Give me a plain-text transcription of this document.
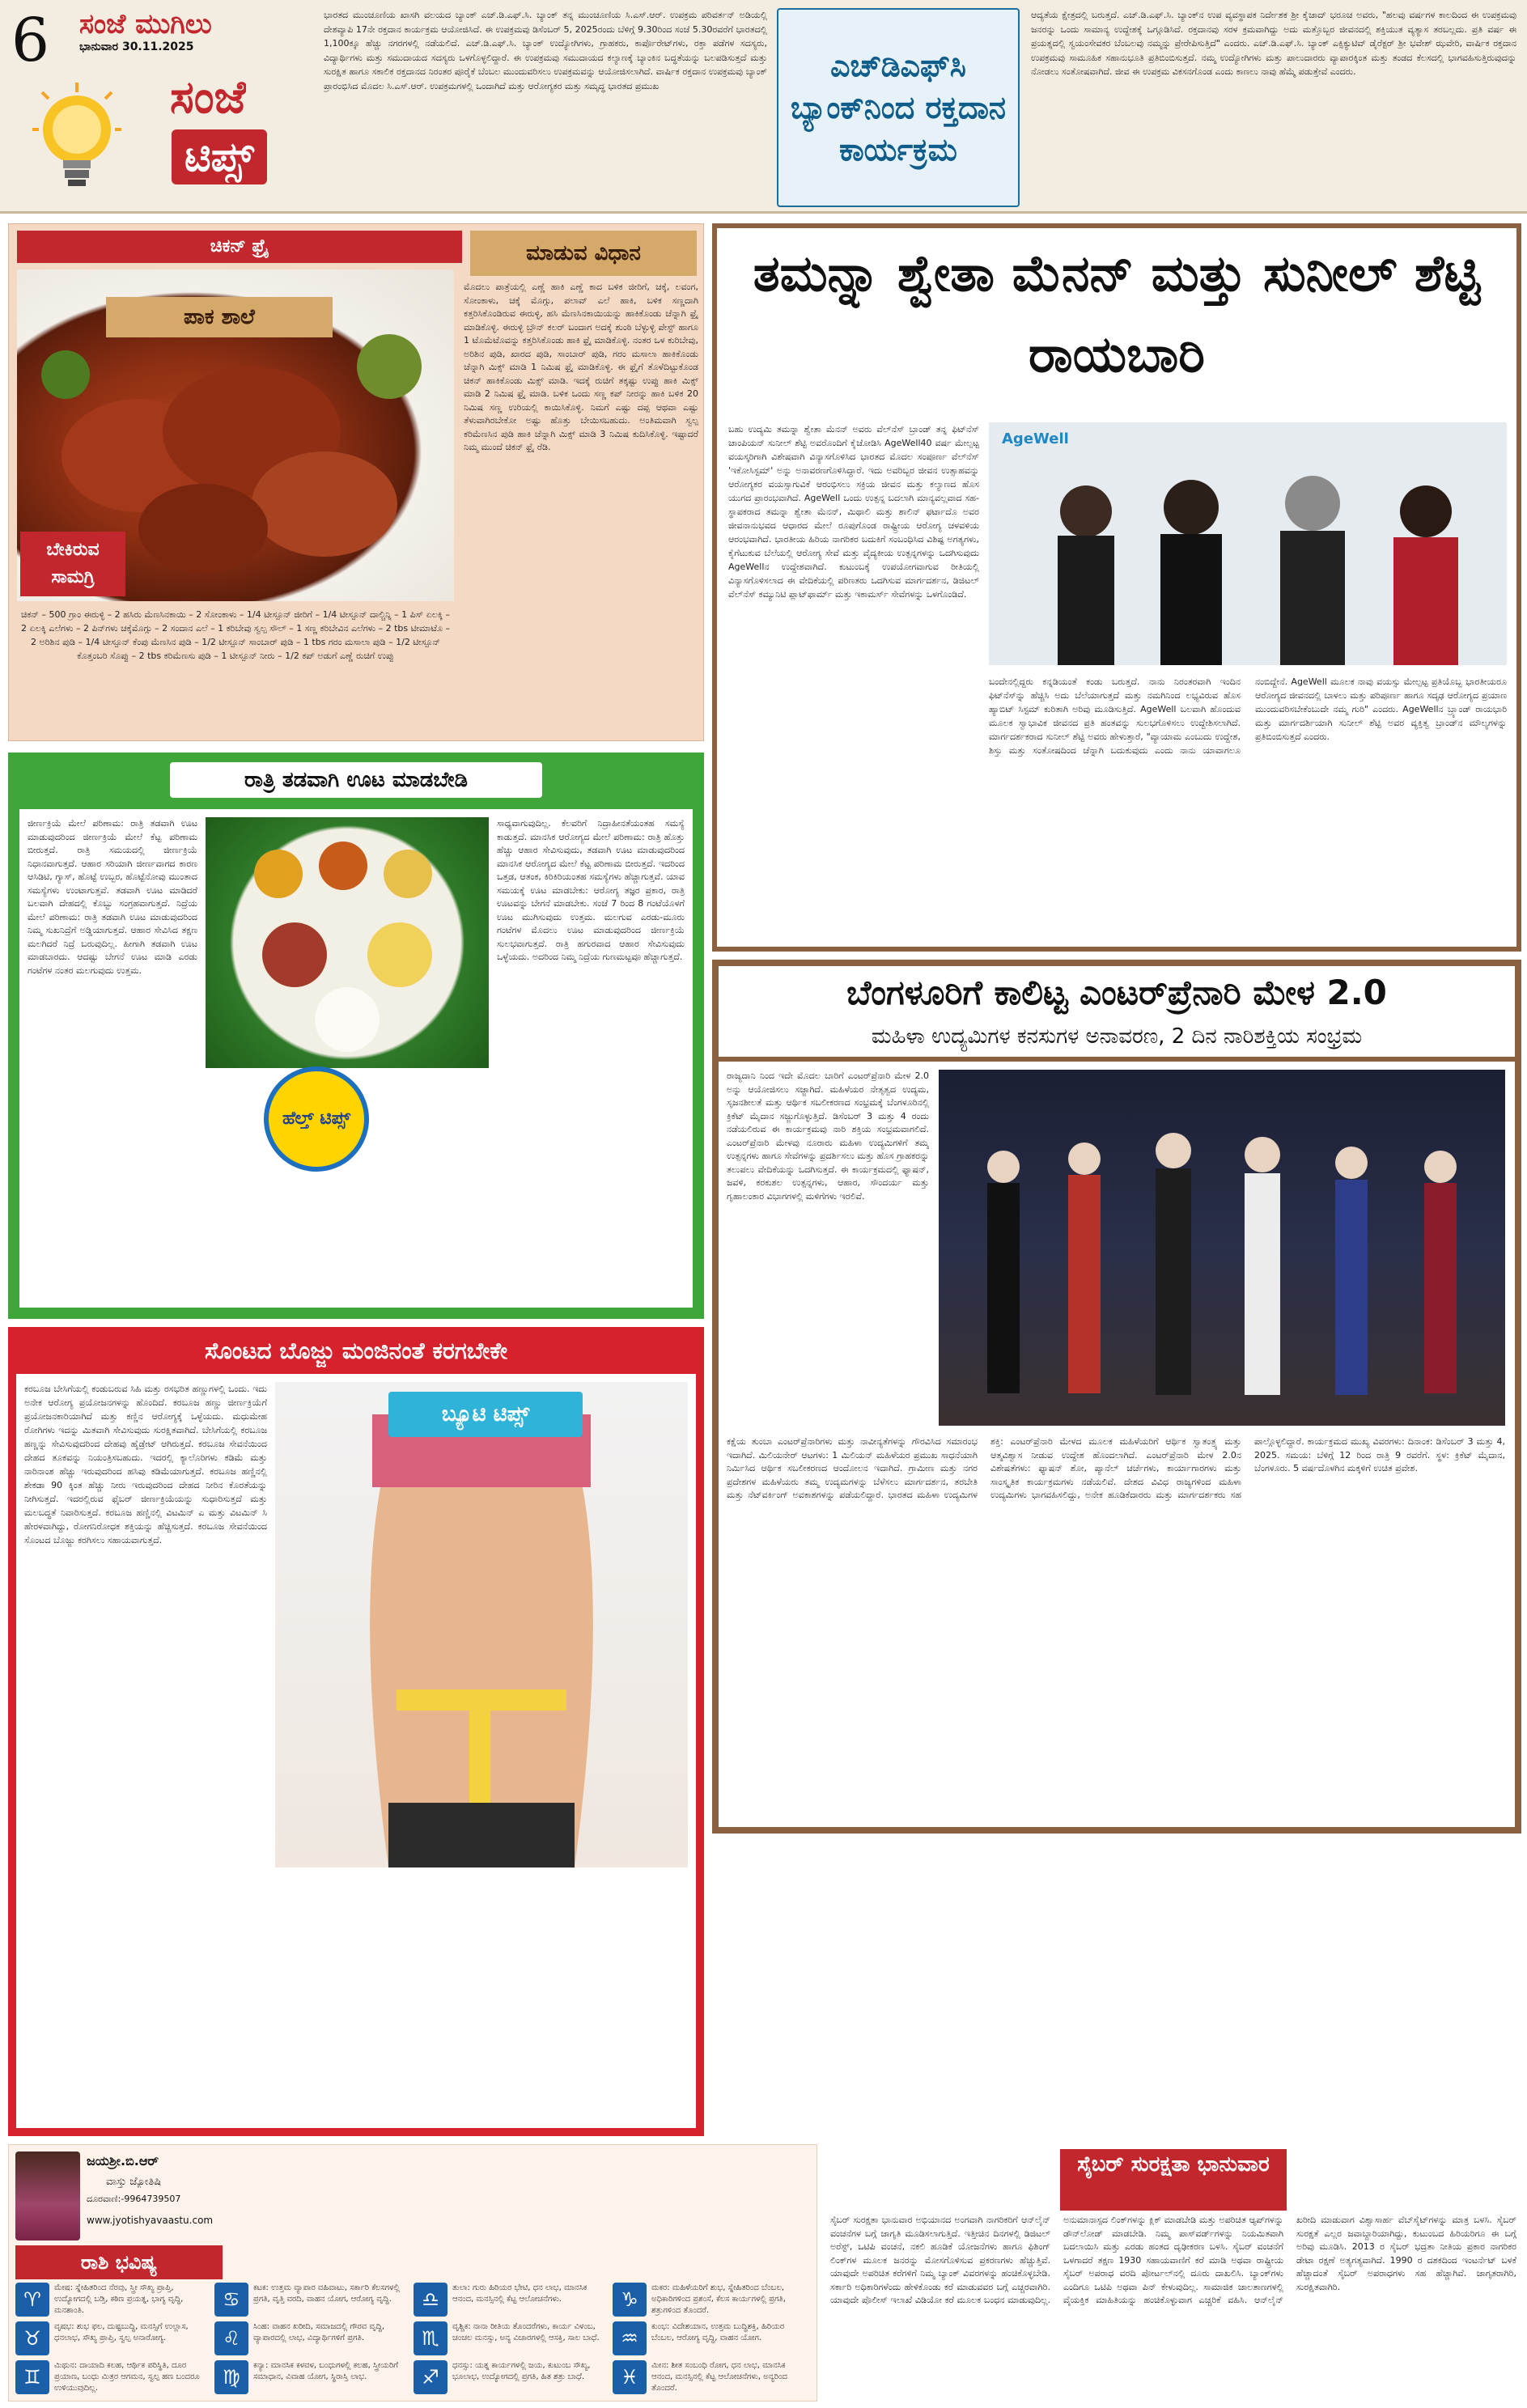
6 ಸಂಜೆ ಮುಗಿಲು
ಭಾನುವಾರ 30.11.2025
ಸಂಜೆ
ಟಿಪ್ಸ್
ಭಾರತದ ಮುಂಚೂಣಿಯ ಖಾಸಗಿ ವಲಯದ ಬ್ಯಾಂಕ್ ಎಚ್.ಡಿ.ಎಫ್.ಸಿ. ಬ್ಯಾಂಕ್ ತನ್ನ ಮುಂಚೂಣಿಯ ಸಿ.ಎಸ್.ಆರ್. ಉಪಕ್ರಮ ಪರಿವರ್ತನ್ ಅಡಿಯಲ್ಲಿ ದೇಶವ್ಯಾಪಿ 17ನೇ ರಕ್ತದಾನ ಕಾರ್ಯಕ್ರಮ ಆಯೋಜಿಸಿದೆ. ಈ ಉಪಕ್ರಮವು ಡಿಸೆಂಬರ್ 5, 2025ರಂದು ಬೆಳಿಗ್ಗೆ 9.30ರಿಂದ ಸಂಜೆ 5.30ರವರೆಗೆ ಭಾರತದಲ್ಲಿ 1,100ಕ್ಕೂ ಹೆಚ್ಚು ನಗರಗಳಲ್ಲಿ ನಡೆಯಲಿದೆ. ಎಚ್.ಡಿ.ಎಫ್.ಸಿ. ಬ್ಯಾಂಕ್ ಉದ್ಯೋಗಿಗಳು, ಗ್ರಾಹಕರು, ಕಾರ್ಪೊರೇಟ್‌ಗಳು, ರಕ್ತಾ ಪಡೆಗಳ ಸದಸ್ಯರು, ವಿದ್ಯಾರ್ಥಿಗಳು ಮತ್ತು ಸಮುದಾಯದ ಸದಸ್ಯರು ಒಳಗೊಳ್ಳಲಿದ್ದಾರೆ. ಈ ಉಪಕ್ರಮವು ಸಮುದಾಯದ ಕಲ್ಯಾಣಕ್ಕೆ ಬ್ಯಾಂಕಿನ ಬದ್ಧತೆಯನ್ನು ಬಲಪಡಿಸುತ್ತದೆ ಮತ್ತು ಸುರಕ್ಷಿತ ಹಾಗೂ ಸಕಾಲಿಕ ರಕ್ತದಾನದ ನಿರಂತರ ಪೂರೈಕೆ ಬೆಂಬಲ ಮುಂದುವರಿಸಲು ಉಪಕ್ರಮವನ್ನು ಆಯೋಜಿಸಲಾಗಿದೆ. ವಾರ್ಷಿಕ ರಕ್ತದಾನ ಉಪಕ್ರಮವು ಬ್ಯಾಂಕ್ ಪ್ರಾರಂಭಿಸಿದ ಮೊದಲ ಸಿ.ಎಸ್.ಆರ್. ಉಪಕ್ರಮಗಳಲ್ಲಿ ಒಂದಾಗಿದೆ ಮತ್ತು ಆರೋಗ್ಯಕರ ಮತ್ತು ಸಮೃದ್ಧ ಭಾರತದ ಪ್ರಮುಖ
ಎಚ್‌ಡಿಎಫ್‌ಸಿ ಬ್ಯಾಂಕ್‌ನಿಂದ ರಕ್ತದಾನ ಕಾರ್ಯಕ್ರಮ
ಆದ್ಯತೆಯ ಕ್ಷೇತ್ರದಲ್ಲಿ ಬರುತ್ತದೆ. ಎಚ್.ಡಿ.ಎಫ್.ಸಿ. ಬ್ಯಾಂಕ್‌ನ ಉಪ ವ್ಯವಸ್ಥಾಪಕ ನಿರ್ದೇಶಕ ಶ್ರೀ ಕೈಜಾದ್ ಭರೂಚ ಅವರು, "ಹಲವು ವರ್ಷಗಳ ಕಾಲದಿಂದ ಈ ಉಪಕ್ರಮವು ಜನರನ್ನು ಒಂದು ಸಾಮಾನ್ಯ ಉದ್ದೇಶಕ್ಕೆ ಒಗ್ಗೂಡಿಸಿದೆ. ರಕ್ತದಾನವು ಸರಳ ಕ್ರಮವಾಗಿದ್ದು ಅದು ಮತ್ತೊಬ್ಬರ ಜೀವನದಲ್ಲಿ ಶಕ್ತಿಯುತ ವ್ಯತ್ಯಾಸ ತರಬಲ್ಲದು. ಪ್ರತಿ ವರ್ಷ ಈ ಪ್ರಯತ್ನದಲ್ಲಿ ಸ್ವಯಂಸೇವಕರ ಬೆಂಬಲವು ನಮ್ಮನ್ನು ಪ್ರೇರೇಪಿಸುತ್ತಿದೆ" ಎಂದರು. ಎಚ್.ಡಿ.ಎಫ್.ಸಿ. ಬ್ಯಾಂಕ್ ಎಕ್ಸಿಕ್ಯುಟಿವ್ ಡೈರೆಕ್ಟರ್ ಶ್ರೀ ಭವೇಶ್ ಝವೇರಿ, ವಾರ್ಷಿಕ ರಕ್ತದಾನ ಉಪಕ್ರಮವು ಸಾಮೂಹಿಕ ಸಹಾನುಭೂತಿ ಪ್ರತಿಬಿಂಬಿಸುತ್ತದೆ. ನಮ್ಮ ಉದ್ಯೋಗಿಗಳು ಮತ್ತು ಪಾಲುದಾರರು ವ್ಯಾಪಾರಕ್ಕಿಂತ ಮತ್ತು ತಂಡದ ಕೆಲಸದಲ್ಲಿ ಭಾಗವಹಿಸುತ್ತಿರುವುದನ್ನು ನೋಡಲು ಸಂತೋಷವಾಗಿದೆ. ಜೀವ ಈ ಉಪಕ್ರಮ ವಿಕಸನಗೊಂಡ ಎಂದು ಕಾಣಲು ನಾವು ಹೆಮ್ಮೆ ಪಡುತ್ತೇವೆ ಎಂದರು.
ಚಿಕನ್ ಫ್ರೈ	ಮಾಡುವ ವಿಧಾನ
ಪಾಕ ಶಾಲೆ
ಬೇಕಿರುವ ಸಾಮಗ್ರಿ
ಚಿಕನ್ – 500 ಗ್ರಾಂ ಈರುಳ್ಳಿ – 2 ಹಸಿರು ಮೆಣಸಿನಕಾಯಿ – 2 ಸೋಂಕಾಳು – 1/4 ಟೀಸ್ಪೂನ್ ಜೀರಿಗೆ – 1/4 ಟೀಸ್ಪೂನ್ ದಾಲ್ಚಿನ್ನಿ – 1 ಪಿಸ್ ಏಲಕ್ಕಿ – 2 ಏಲಕ್ಕಿ ಎಲೆಗಳು – 2 ಪಿನ್‌ಗಳು ಚಕ್ಕೆಮೊಗ್ಗು – 2 ಸಂದಾನ ಎಲೆ – 1 ಕರಿಬೇವು ಸ್ವಲ್ಪ ಸೌಲ್ – 1 ಸಣ್ಣ ಕರಿಬೇವಿನ ಎಲೆಗಳು – 2 tbs ಟೀಮಾಟೊ – 2 ಅರಿಶಿನ ಪುಡಿ – 1/4 ಟೀಸ್ಪೂನ್ ಕೆಂಪು ಮೆಣಸಿನ ಪುಡಿ – 1/2 ಟೀಸ್ಪೂನ್ ಸಾಂಬಾರ್ ಪುಡಿ – 1 tbs ಗರಂ ಮಸಾಲಾ ಪುಡಿ – 1/2 ಟೀಸ್ಪೂನ್ ಕೊತ್ತಂಬರಿ ಸೊಪ್ಪು – 2 tbs ಕರಿಮೆಣಸು ಪುಡಿ – 1 ಟೀಸ್ಪೂನ್ ನೀರು – 1/2 ಕಪ್ ಅಡುಗೆ ಎಣ್ಣೆ ರುಚಿಗೆ ಉಪ್ಪು
ಮೊದಲು ಪಾತ್ರೆಯಲ್ಲಿ ಎಣ್ಣೆ ಹಾಕಿ ಎಣ್ಣೆ ಕಾದ ಬಳಿಕ ಜೀರಿಗೆ, ಚಕ್ಕೆ, ಲವಂಗ, ಸೋಂಕಾಳು, ಚಕ್ಕೆ ಮೊಗ್ಗು, ಪಲಾವ್ ಎಲೆ ಹಾಕಿ, ಬಳಿಕ ಸಣ್ಣದಾಗಿ ಕತ್ತರಿಸಿಕೊಂಡಿರುವ ಈರುಳ್ಳಿ, ಹಸಿ ಮೆಣಸಿನಕಾಯಿಯನ್ನು ಹಾಕಿಕೊಂಡು ಚೆನ್ನಾಗಿ ಫ್ರೈ ಮಾಡಿಕೊಳ್ಳಿ. ಈರುಳ್ಳಿ ಬ್ರೌನ್ ಕಲರ್ ಬಂದಾಗ ಅದಕ್ಕೆ ಶುಂಠಿ ಬೆಳ್ಳುಳ್ಳಿ ಪೇಸ್ಟ್ ಹಾಗೂ 1 ಟೊಮೆಟೊವನ್ನು ಕತ್ತರಿಸಿಕೊಂಡು ಹಾಕಿ ಫ್ರೈ ಮಾಡಿಕೊಳ್ಳಿ. ನಂತರ ಒಳ ಕುರಿಬೇವು, ಅರಿಶಿನ ಪುಡಿ, ಖಾರದ ಪುಡಿ, ಸಾಂಬಾರ್ ಪುಡಿ, ಗರಂ ಮಸಾಲಾ ಹಾಕಿಕೊಂಡು ಚೆನ್ನಾಗಿ ಮಿಕ್ಸ್ ಮಾಡಿ 1 ನಿಮಿಷ ಫ್ರೈ ಮಾಡಿಕೊಳ್ಳಿ. ಈ ಫ್ರೈಗೆ ತೊಳೆದಿಟ್ಟುಕೊಂಡ ಚಿಕನ್ ಹಾಕಿಕೊಂಡು ಮಿಕ್ಸ್ ಮಾಡಿ. ಇದಕ್ಕೆ ರುಚಿಗೆ ತಕ್ಕಷ್ಟು ಉಪ್ಪು ಹಾಕಿ ಮಿಕ್ಸ್ ಮಾಡಿ 2 ನಿಮಿಷ ಫ್ರೈ ಮಾಡಿ. ಬಳಿಕ ಒಂದು ಸಣ್ಣ ಕಪ್ ನೀರನ್ನು ಹಾಕಿ ಬಳಿಕ 20 ನಿಮಿಷ ಸಣ್ಣ ಉರಿಯಲ್ಲಿ ಕಾಯಿಸಿಕೊಳ್ಳಿ. ನಿಮಗೆ ಎಷ್ಟು ದಪ್ಪ ಆಥವಾ ಎಷ್ಟು ತೆಳುವಾಗಿರಬೇಕೋ ಅಷ್ಟು ಹೊತ್ತು ಬೇಯಿಸಬಹುದು. ಅಂತಿಮವಾಗಿ ಸ್ವಲ್ಪ ಕರಿಮೆಣಸಿನ ಪುಡಿ ಹಾಕಿ ಚೆನ್ನಾಗಿ ಮಿಕ್ಸ್ ಮಾಡಿ 3 ನಿಮಿಷ ಕುದಿಸಿಕೊಳ್ಳಿ. ಇಷ್ಟಾದರೆ ನಿಮ್ಮ ಮುಂದೆ ಚಿಕನ್ ಫ್ರೈ ರೆಡಿ.
ತಮನ್ನಾ ಶ್ವೇತಾ ಮೆನನ್ ಮತ್ತು ಸುನೀಲ್ ಶೆಟ್ಟಿ ರಾಯಬಾರಿ
ಬಹು ಉದ್ಯಮಿ ತಮನ್ನಾ ಶ್ವೇತಾ ಮೆನನ್ ಅವರು ವೆಲ್‌ನೆಸ್ ಬ್ರಾಂಡ್ ತನ್ನ ಫಿಟ್‌ನೆಸ್ ಚಾಂಪಿಯನ್ ಸುನೀಲ್ ಶೆಟ್ಟಿ ಅವರೊಂದಿಗೆ ಕೈಜೋಡಿಸಿ AgeWell40 ವರ್ಷ ಮೇಲ್ಪಟ್ಟ ವಯಸ್ಕರಿಗಾಗಿ ವಿಶೇಷವಾಗಿ ವಿನ್ಯಾಸಗೊಳಿಸಿದ ಭಾರತದ ಮೊದಲ ಸಂಪೂರ್ಣ ವೆಲ್‌ನೆಸ್ 'ಇಕೋಸಿಸ್ಟಮ್' ಅನ್ನು ಅನಾವರಣಗೊಳಿಸಿದ್ದಾರೆ. ಇದು ಅವರಿಬ್ಬರ ಜೀವನ ಉತ್ಸಾಹವನ್ನು ಆರೋಗ್ಯಕರ ವಯಸ್ಸಾಗುವಿಕೆ ಆರಂಭಿಸಲು ಸಕ್ರಿಯ ಜೀವನ ಮತ್ತು ಕಲ್ಯಾಣದ ಹೊಸ ಯುಗದ ಪ್ರಾರಂಭವಾಗಿದೆ. AgeWell ಒಂದು ಉತ್ಪನ್ನ ಬದಲಾಗಿ ಮಾನ್ಯವಲ್ಲವಾದ ಸಹ-ಸ್ಥಾಪಕರಾದ ತಮನ್ನಾ ಶ್ವೇತಾ ಮೆನನ್, ಮಿಥಾಲಿ ಮತ್ತು ಶಾಲಿನ್ ಫರ್ಟಾದೊ ಅವರ ಜೀವನಾನುಭವದ ಆಧಾರದ ಮೇಲೆ ರೂಪುಗೊಂಡ ರಾಷ್ಟ್ರೀಯ ಆರೋಗ್ಯ ಚಳವಳಿಯ ಆರಂಭವಾಗಿದೆ. ಭಾರತೀಯ ಹಿರಿಯ ನಾಗರಿಕರ ಬದುಕಿಗೆ ಸಂಬಂಧಿಸಿದ ವಿಶಿಷ್ಟ ಅಗತ್ಯಗಳು, ಕೈಗೆಟುಕುವ ಬೆಲೆಯಲ್ಲಿ ಆರೋಗ್ಯ ಸೇವೆ ಮತ್ತು ವೈದ್ಯಕೀಯ ಉತ್ಪನ್ನಗಳನ್ನು ಒದಗಿಸುವುದು AgeWellನ ಉದ್ದೇಶವಾಗಿದೆ. ಕುಟುಂಬಕ್ಕೆ ಉಪಯೋಗವಾಗುವ ರೀತಿಯಲ್ಲಿ ವಿನ್ಯಾಸಗೊಳಿಸಲಾದ ಈ ವೇದಿಕೆಯಲ್ಲಿ ಪರಿಣತರು ಒದಗಿಸುವ ಮಾರ್ಗದರ್ಶನ, ಡಿಜಿಟಲ್ ವೆಲ್‌ನೆಸ್ ಕಮ್ಯುನಿಟಿ ಪ್ಲಾಟ್‌ಫಾರ್ಮ್ ಮತ್ತು ಇಕಾಮರ್ಸ್ ಸೇವೆಗಳನ್ನು ಒಳಗೊಂಡಿದೆ.
AgeWell
ಬಂದೇನಲ್ಲಿದ್ದರು ಕನ್ನಡಿಯಂತೆ ಕಂಡು ಬರುತ್ತದೆ. ನಾನು ನಿರಂತರವಾಗಿ ಇಂದಿನ ಫಿಟ್‌ನೆಸ್‌ನ್ನು ಹೆಚ್ಚಿಸಿ ಅದು ಬೆಲೆಯಾಗುತ್ತದೆ ಮತ್ತು ನಮಗಿನಿಂದ ಲಭ್ಯವಿರುವ ಹೊಸ ಹ್ಯಾಬಿಟ್ ಸಿಸ್ಟಮ್ ಕುರಿತಾಗಿ ಅರಿವು ಮೂಡಿಸುತ್ತಿದೆ. AgeWell ಬಲವಾಗಿ ಹೊಂದುವ ಮೂಲಕ ಸ್ವಾಭಾವಿಕ ಜೀವನದ ಪ್ರತಿ ಹಂತವನ್ನು ಸುಲಭಗೊಳಿಸಲು ಉದ್ದೇಶಿಸಲಾಗಿದೆ. ಮಾರ್ಗದರ್ಶಕರಾದ ಸುನೀಲ್ ಶೆಟ್ಟಿ ಅವರು ಹೇಳುತ್ತಾರೆ, "ವ್ಯಾಯಾಮ ಎಂಬುದು ಉದ್ದೇಶ, ಶಿಸ್ತು ಮತ್ತು ಸಂತೋಷದಿಂದ ಚೆನ್ನಾಗಿ ಬದುಕುವುದು ಎಂದು ನಾನು ಯಾವಾಗಲೂ ನಂಬಿದ್ದೇನೆ. AgeWell ಮೂಲಕ ನಾವು ವಯಸ್ಸು ಮೇಲ್ಪಟ್ಟ ಪ್ರತಿಯೊಬ್ಬ ಭಾರತೀಯರೂ ಆರೋಗ್ಯದ ಜೀವನದಲ್ಲಿ ಬಾಳಲು ಮತ್ತು ಪರಿಪೂರ್ಣ ಹಾಗೂ ಸದೃಢ ಆರೋಗ್ಯದ ಪ್ರಯಾಣ ಮುಂದುವರಿಸಬೇಕೆಂಬುದೇ ನಮ್ಮ ಗುರಿ" ಎಂದರು. AgeWellನ ಬ್ರ್ಯಾಂಡ್ ರಾಯಭಾರಿ ಮತ್ತು ಮಾರ್ಗದರ್ಶಿಯಾಗಿ ಸುನೀಲ್ ಶೆಟ್ಟಿ ಅವರ ವ್ಯಕ್ತಿತ್ವ ಬ್ರಾಂಡ್‌ನ ಮೌಲ್ಯಗಳನ್ನು ಪ್ರತಿಬಿಂಬಿಸುತ್ತದೆ ಎಂದರು.
ರಾತ್ರಿ ತಡವಾಗಿ ಊಟ ಮಾಡಬೇಡಿ
ಜೀರ್ಣಕ್ರಿಯೆ ಮೇಲೆ ಪರಿಣಾಮ: ರಾತ್ರಿ ತಡವಾಗಿ ಊಟ ಮಾಡುವುದರಿಂದ ಜೀರ್ಣಕ್ರಿಯೆ ಮೇಲೆ ಕೆಟ್ಟ ಪರಿಣಾಮ ಬೀರುತ್ತದೆ. ರಾತ್ರಿ ಸಮಯದಲ್ಲಿ ಜೀರ್ಣಕ್ರಿಯೆ ನಿಧಾನವಾಗುತ್ತದೆ. ಆಹಾರ ಸರಿಯಾಗಿ ಜೀರ್ಣವಾಗದ ಕಾರಣ ಆಸಿಡಿಟಿ, ಗ್ಯಾಸ್, ಹೊಟ್ಟೆ ಉಬ್ಬರ, ಹೊಟ್ಟೆನೋವು ಮುಂತಾದ ಸಮಸ್ಯೆಗಳು ಉಂಟಾಗುತ್ತವೆ. ತಡವಾಗಿ ಊಟ ಮಾಡಿದರೆ ಬಲವಾಗಿ ದೇಹದಲ್ಲಿ ಕೊಬ್ಬು ಸಂಗ್ರಹವಾಗುತ್ತದೆ. ನಿದ್ರೆಯ ಮೇಲೆ ಪರಿಣಾಮ: ರಾತ್ರಿ ತಡವಾಗಿ ಊಟ ಮಾಡುವುದರಿಂದ ನಿಮ್ಮ ಸುಖನಿದ್ರೆಗೆ ಅಡ್ಡಿಯಾಗುತ್ತದೆ. ಆಹಾರ ಸೇವಿಸಿದ ತಕ್ಷಣ ಮಲಗಿದರೆ ನಿದ್ರೆ ಬರುವುದಿಲ್ಲ. ಹೀಗಾಗಿ ತಡವಾಗಿ ಊಟ ಮಾಡಬಾರದು. ಆದಷ್ಟು ಬೇಗನೆ ಊಟ ಮಾಡಿ ಎರಡು ಗಂಟೆಗಳ ನಂತರ ಮಲಗುವುದು ಉತ್ತಮ.
ಹೆಲ್ತ್ ಟಿಪ್ಸ್
ಸಾಧ್ಯವಾಗುವುದಿಲ್ಲ. ಕೆಲವರಿಗೆ ನಿದ್ರಾಹೀನತೆಯಂತಹ ಸಮಸ್ಯೆ ಕಾಡುತ್ತದೆ. ಮಾನಸಿಕ ಆರೋಗ್ಯದ ಮೇಲೆ ಪರಿಣಾಮ: ರಾತ್ರಿ ಹೊತ್ತು ಹೆಚ್ಚು ಆಹಾರ ಸೇವಿಸುವುದು, ತಡವಾಗಿ ಊಟ ಮಾಡುವುದರಿಂದ ಮಾನಸಿಕ ಆರೋಗ್ಯದ ಮೇಲೆ ಕೆಟ್ಟ ಪರಿಣಾಮ ಬೀರುತ್ತದೆ. ಇದರಿಂದ ಒತ್ತಡ, ಆತಂಕ, ಕಿರಿಕಿರಿಯಂತಹ ಸಮಸ್ಯೆಗಳು ಹೆಚ್ಚಾಗುತ್ತವೆ. ಯಾವ ಸಮಯಕ್ಕೆ ಊಟ ಮಾಡಬೇಕು: ಆರೋಗ್ಯ ತಜ್ಞರ ಪ್ರಕಾರ, ರಾತ್ರಿ ಊಟವನ್ನು ಬೇಗನೆ ಮಾಡಬೇಕು. ಸಂಜೆ 7 ರಿಂದ 8 ಗಂಟೆಯೊಳಗೆ ಊಟ ಮುಗಿಸುವುದು ಉತ್ತಮ. ಮಲಗುವ ಎರಡು-ಮೂರು ಗಂಟೆಗಳ ಮೊದಲು ಊಟ ಮಾಡುವುದರಿಂದ ಜೀರ್ಣಕ್ರಿಯೆ ಸುಲಭವಾಗುತ್ತದೆ. ರಾತ್ರಿ ಹಗುರವಾದ ಆಹಾರ ಸೇವಿಸುವುದು ಒಳ್ಳೆಯದು. ಅದರಿಂದ ನಿಮ್ಮ ನಿದ್ರೆಯ ಗುಣಮಟ್ಟವೂ ಹೆಚ್ಚಾಗುತ್ತದೆ.
ಬೆಂಗಳೂರಿಗೆ ಕಾಲಿಟ್ಟ ಎಂಟರ್‌ಪ್ರೆನಾರಿ ಮೇಳ 2.0
ಮಹಿಳಾ ಉದ್ಯಮಿಗಳ ಕನಸುಗಳ ಅನಾವರಣ, 2 ದಿನ ನಾರಿಶಕ್ತಿಯ ಸಂಭ್ರಮ
ರಾಜ್ಯದಾನಿ ನಿಂದ ಇದೇ ಮೊದಲ ಬಾರಿಗೆ ಎಂಟರ್‌ಪ್ರೆನಾರಿ ಮೇಳ 2.0 ಅನ್ನು ಆಯೋಜಿಸಲು ಸಜ್ಜಾಗಿದೆ. ಮಹಿಳೆಯರ ನೇತೃತ್ವದ ಉದ್ಯಮ, ಸೃಜನಶೀಲತೆ ಮತ್ತು ಆರ್ಥಿಕ ಸಬಲೀಕರಣದ ಸಂಭ್ರಮಕ್ಕೆ ಬೆಂಗಳೂರಿನಲ್ಲಿ ಕ್ರಿಕೆಟ್ ಮೈದಾನ ಸಜ್ಜುಗೊಳ್ಳುತ್ತಿದೆ. ಡಿಸೆಂಬರ್ 3 ಮತ್ತು 4 ರಂದು ನಡೆಯಲಿರುವ ಈ ಕಾರ್ಯಕ್ರಮವು ನಾರಿ ಶಕ್ತಿಯ ಸಂಭ್ರಮವಾಗಲಿದೆ. ಎಂಟರ್‌ಪ್ರೆನಾರಿ ಮೇಳವು ನೂರಾರು ಮಹಿಳಾ ಉದ್ಯಮಿಗಳಿಗೆ ತಮ್ಮ ಉತ್ಪನ್ನಗಳು ಹಾಗೂ ಸೇವೆಗಳನ್ನು ಪ್ರದರ್ಶಿಸಲು ಮತ್ತು ಹೊಸ ಗ್ರಾಹಕರನ್ನು ತಲುಪಲು ವೇದಿಕೆಯನ್ನು ಒದಗಿಸುತ್ತದೆ. ಈ ಕಾರ್ಯಕ್ರಮದಲ್ಲಿ ಫ್ಯಾಷನ್, ಜವಳಿ, ಕರಕುಶಲ ಉತ್ಪನ್ನಗಳು, ಆಹಾರ, ಸೌಂದರ್ಯ ಮತ್ತು ಗೃಹಾಲಂಕಾರ ವಿಭಾಗಗಳಲ್ಲಿ ಮಳಿಗೆಗಳು ಇರಲಿವೆ.
ಕಕ್ಷೆಯ ತುಂಬಾ ಎಂಟರ್‌ಪ್ರೆನಾರಿಗಳು ಮತ್ತು ನಾವೀನ್ಯತೆಗಳನ್ನು ಗೌರವಿಸಿದ ಸಮಾರಂಭ ಇದಾಗಿದೆ. ಮಿಲಿಯನೇರ್ ಆಟಗಳು: 1 ಮಿಲಿಯನ್ ಮಹಿಳೆಯರ ಪ್ರಮುಖ ಸಾಧನೆಯಾಗಿ ನಿರ್ಮಿಸಿದ ಆರ್ಥಿಕ ಸಬಲೀಕರಣದ ಆಂದೋಲನ ಇದಾಗಿದೆ. ಗ್ರಾಮೀಣ ಮತ್ತು ನಗರ ಪ್ರದೇಶಗಳ ಮಹಿಳೆಯರು ತಮ್ಮ ಉದ್ಯಮಗಳನ್ನು ಬೆಳೆಸಲು ಮಾರ್ಗದರ್ಶನ, ತರಬೇತಿ ಮತ್ತು ನೆಟ್‌ವರ್ಕಿಂಗ್ ಅವಕಾಶಗಳನ್ನು ಪಡೆಯಲಿದ್ದಾರೆ. ಭಾರತದ ಮಹಿಳಾ ಉದ್ಯಮಿಗಳ ಶಕ್ತಿ: ಎಂಟರ್‌ಪ್ರೆನಾರಿ ಮೇಳದ ಮೂಲಕ ಮಹಿಳೆಯರಿಗೆ ಆರ್ಥಿಕ ಸ್ವಾತಂತ್ರ್ಯ ಮತ್ತು ಆತ್ಮವಿಶ್ವಾಸ ನೀಡುವ ಉದ್ದೇಶ ಹೊಂದಲಾಗಿದೆ. ಎಂಟರ್‌ಪ್ರೆನಾರಿ ಮೇಳ 2.0ನ ವಿಶೇಷತೆಗಳು: ಫ್ಯಾಷನ್ ಶೋ, ಪ್ಯಾನೆಲ್ ಚರ್ಚೆಗಳು, ಕಾರ್ಯಾಗಾರಗಳು ಮತ್ತು ಸಾಂಸ್ಕೃತಿಕ ಕಾರ್ಯಕ್ರಮಗಳು ನಡೆಯಲಿವೆ. ದೇಶದ ವಿವಿಧ ರಾಜ್ಯಗಳಿಂದ ಮಹಿಳಾ ಉದ್ಯಮಿಗಳು ಭಾಗವಹಿಸಲಿದ್ದು, ಅನೇಕ ಹೂಡಿಕೆದಾರರು ಮತ್ತು ಮಾರ್ಗದರ್ಶಕರು ಸಹ ಪಾಲ್ಗೊಳ್ಳಲಿದ್ದಾರೆ. ಕಾರ್ಯಕ್ರಮದ ಮುಖ್ಯ ವಿವರಗಳು: ದಿನಾಂಕ: ಡಿಸೆಂಬರ್ 3 ಮತ್ತು 4, 2025. ಸಮಯ: ಬೆಳಿಗ್ಗೆ 12 ರಿಂದ ರಾತ್ರಿ 9 ರವರೆಗೆ. ಸ್ಥಳ: ಕ್ರಿಕೆಟ್ ಮೈದಾನ, ಬೆಂಗಳೂರು. 5 ವರ್ಷದೊಳಗಿನ ಮಕ್ಕಳಿಗೆ ಉಚಿತ ಪ್ರವೇಶ.
ಸೊಂಟದ ಬೊಜ್ಜು ಮಂಜಿನಂತೆ ಕರಗಬೇಕೇ
ಕರಬೂಜ ಬೇಸಿಗೆಯಲ್ಲಿ ಕಂಡುಬರುವ ಸಿಹಿ ಮತ್ತು ರಸಭರಿತ ಹಣ್ಣುಗಳಲ್ಲಿ ಒಂದು. ಇದು ಅನೇಕ ಆರೋಗ್ಯ ಪ್ರಯೋಜನಗಳನ್ನು ಹೊಂದಿದೆ. ಕರಬೂಜ ಹಣ್ಣು ಜೀರ್ಣಕ್ರಿಯೆಗೆ ಪ್ರಯೋಜನಕಾರಿಯಾಗಿದೆ ಮತ್ತು ಕಣ್ಣಿನ ಆರೋಗ್ಯಕ್ಕೆ ಒಳ್ಳೆಯದು. ಮಧುಮೇಹ ರೋಗಿಗಳು ಇದನ್ನು ಮಿತವಾಗಿ ಸೇವಿಸುವುದು ಸುರಕ್ಷಿತವಾಗಿದೆ. ಬೇಸಿಗೆಯಲ್ಲಿ ಕರಬೂಜ ಹಣ್ಣನ್ನು ಸೇವಿಸುವುದರಿಂದ ದೇಹವು ಹೈಡ್ರೇಟ್ ಆಗಿರುತ್ತದೆ. ಕರಬೂಜ ಸೇವನೆಯಿಂದ ದೇಹದ ತೂಕವನ್ನು ನಿಯಂತ್ರಿಸಬಹುದು. ಇದರಲ್ಲಿ ಕ್ಯಾಲೊರಿಗಳು ಕಡಿಮೆ ಮತ್ತು ನಾರಿನಾಂಶ ಹೆಚ್ಚು ಇರುವುದರಿಂದ ಹಸಿವು ಕಡಿಮೆಯಾಗುತ್ತದೆ. ಕರಬೂಜ ಹಣ್ಣಿನಲ್ಲಿ ಶೇಕಡಾ 90 ಕ್ಕಿಂತ ಹೆಚ್ಚು ನೀರು ಇರುವುದರಿಂದ ದೇಹದ ನೀರಿನ ಕೊರತೆಯನ್ನು ನೀಗಿಸುತ್ತದೆ. ಇದರಲ್ಲಿರುವ ಫೈಬರ್ ಜೀರ್ಣಕ್ರಿಯೆಯನ್ನು ಸುಧಾರಿಸುತ್ತದೆ ಮತ್ತು ಮಲಬದ್ಧತೆ ನಿವಾರಿಸುತ್ತದೆ. ಕರಬೂಜ ಹಣ್ಣಿನಲ್ಲಿ ವಿಟಮಿನ್ ಎ ಮತ್ತು ವಿಟಮಿನ್ ಸಿ ಹೇರಳವಾಗಿದ್ದು, ರೋಗನಿರೋಧಕ ಶಕ್ತಿಯನ್ನು ಹೆಚ್ಚಿಸುತ್ತದೆ. ಕರಬೂಜ ಸೇವನೆಯಿಂದ ಸೊಂಟದ ಬೊಜ್ಜು ಕರಗಿಸಲು ಸಹಾಯವಾಗುತ್ತದೆ.
ಬ್ಯೂಟಿ ಟಿಪ್ಸ್
ಜಯಶ್ರೀ.ಬಿ.ಆರ್
ವಾಸ್ತು ಜ್ಯೋತಿಷಿ
ದೂರವಾಣಿ:-9964739507
www.jyotishyavaastu.com
ರಾಶಿ ಭವಿಷ್ಯ
♈
ಮೇಷ: ಸ್ನೇಹಿತರಿಂದ ನೆರವು, ಸ್ತ್ರೀ ಸೌಖ್ಯ ಪ್ರಾಪ್ತಿ, ಉದ್ಯೋಗದಲ್ಲಿ ಬಡ್ತಿ, ಕಠಿಣ ಪ್ರಯತ್ನ, ಭಾಗ್ಯ ವೃದ್ಧಿ, ಮನಶಾಂತಿ.
♉
ವೃಷಭ: ಶುಭ ಫಲ, ದುಷ್ಟಬುದ್ಧಿ, ಮನಸ್ಸಿಗೆ ಉಲ್ಲಾಸ, ಧನಲಾಭ, ಸೌಖ್ಯ ಪ್ರಾಪ್ತಿ, ಸ್ವಲ್ಪ ಅನಾರೋಗ್ಯ.
♊
ಮಿಥುನ: ದಾಯಾದಿ ಕಲಹ, ಆರ್ಥಿಕ ಪರಿಸ್ಥಿತಿ, ದೂರ ಪ್ರಯಾಣ, ಬಂಧು ಮಿತ್ರರ ಆಗಮನ, ಸ್ವಲ್ಪ ಹಣ ಬಂದರೂ ಉಳಿಯುವುದಿಲ್ಲ.
♋
ಕಟಕ: ಉತ್ತಮ ವ್ಯಾಪಾರ ವಹಿವಾಟು, ಸರ್ಕಾರಿ ಕೆಲಸಗಳಲ್ಲಿ ಪ್ರಗತಿ, ವೃತ್ತಿ ವರದಿ, ವಾಹನ ಯೋಗ, ಆರೋಗ್ಯ ವೃದ್ಧಿ.
♌
ಸಿಂಹ: ವಾಹನ ಖರೀದಿ, ಸಮಾಜದಲ್ಲಿ ಗೌರವ ವೃದ್ಧಿ, ವ್ಯಾಪಾರದಲ್ಲಿ ಲಾಭ, ವಿದ್ಯಾರ್ಥಿಗಳಿಗೆ ಪ್ರಗತಿ.
♍
ಕನ್ಯಾ: ಮಾನಸಿಕ ಕಳವಳ, ಬಂಧುಗಳಲ್ಲಿ ಕಲಹ, ಸ್ತ್ರೀಯರಿಗೆ ಸಮಾಧಾನ, ವಿವಾಹ ಯೋಗ, ಸ್ಥಿರಾಸ್ತಿ ಲಾಭ.
♎
ತುಲಾ: ಗುರು ಹಿರಿಯರ ಭೇಟಿ, ಧನ ಲಾಭ, ಮಾನಸಿಕ ಆನಂದ, ಮನಸ್ಸಿನಲ್ಲಿ ಕೆಟ್ಟ ಆಲೋಚನೆಗಳು.
♏
ವೃಶ್ಚಿಕ: ನಾನಾ ರೀತಿಯ ತೊಂದರೆಗಳು, ಕಾರ್ಯ ವಿಳಂಬ, ಚಂಚಲ ಮನಸ್ಸು, ಅನ್ಯ ವಿಚಾರಗಳಲ್ಲಿ ಆಸಕ್ತಿ, ಸಾಲ ಬಾಧೆ.
♐
ಧನಸ್ಸು: ಯತ್ನ ಕಾರ್ಯಗಳಲ್ಲಿ ಜಯ, ಕುಟುಂಬ ಸೌಖ್ಯ, ಭೂಲಾಭ, ಉದ್ಯೋಗದಲ್ಲಿ ಪ್ರಗತಿ, ಹಿತ ಶತ್ರು ಬಾಧೆ.
♑
ಮಕರ: ಮಹಿಳೆಯರಿಗೆ ಶುಭ, ಸ್ನೇಹಿತರಿಂದ ಬೆಂಬಲ, ಅಧಿಕಾರಿಗಳಿಂದ ಪ್ರಶಂಸೆ, ಕೆಲಸ ಕಾರ್ಯಗಳಲ್ಲಿ ಪ್ರಗತಿ, ಶತ್ರುಗಳಿಂದ ತೊಂದರೆ.
♒
ಕುಂಭ: ವಿದೇಶಯಾನ, ಉತ್ತಮ ಬುದ್ಧಿಶಕ್ತಿ, ಹಿರಿಯರ ಬೆಂಬಲ, ಆರೋಗ್ಯ ವೃದ್ಧಿ, ವಾಹನ ಯೋಗ.
♓
ಮೀನ: ಶೀತ ಸಂಬಂಧಿ ರೋಗ, ಧನ ಲಾಭ, ಮಾನಸಿಕ ಆನಂದ, ಮನಸ್ಸಿನಲ್ಲಿ ಕೆಟ್ಟ ಆಲೋಚನೆಗಳು, ಅನ್ಯರಿಂದ ತೊಂದರೆ.
ಸೈಬರ್ ಸುರಕ್ಷತಾ ಭಾನುವಾರ
ಸೈಬರ್ ಸುರಕ್ಷತಾ ಭಾನುವಾರ ಅಭಿಯಾನದ ಅಂಗವಾಗಿ ನಾಗರಿಕರಿಗೆ ಆನ್‌ಲೈನ್ ವಂಚನೆಗಳ ಬಗ್ಗೆ ಜಾಗೃತಿ ಮೂಡಿಸಲಾಗುತ್ತಿದೆ. ಇತ್ತೀಚಿನ ದಿನಗಳಲ್ಲಿ ಡಿಜಿಟಲ್ ಅರೆಸ್ಟ್, ಒಟಿಪಿ ವಂಚನೆ, ನಕಲಿ ಹೂಡಿಕೆ ಯೋಜನೆಗಳು ಹಾಗೂ ಫಿಶಿಂಗ್ ಲಿಂಕ್‌ಗಳ ಮೂಲಕ ಜನರನ್ನು ಮೋಸಗೊಳಿಸುವ ಪ್ರಕರಣಗಳು ಹೆಚ್ಚುತ್ತಿವೆ. ಯಾವುದೇ ಅಪರಿಚಿತ ಕರೆಗಳಿಗೆ ನಿಮ್ಮ ಬ್ಯಾಂಕ್ ವಿವರಗಳನ್ನು ಹಂಚಿಕೊಳ್ಳಬೇಡಿ. ಸರ್ಕಾರಿ ಅಧಿಕಾರಿಗಳೆಂದು ಹೇಳಿಕೊಂಡು ಕರೆ ಮಾಡುವವರ ಬಗ್ಗೆ ಎಚ್ಚರವಾಗಿರಿ. ಯಾವುದೇ ಪೊಲೀಸ್ ಇಲಾಖೆ ವಿಡಿಯೋ ಕರೆ ಮೂಲಕ ಬಂಧನ ಮಾಡುವುದಿಲ್ಲ. ಅನುಮಾನಾಸ್ಪದ ಲಿಂಕ್‌ಗಳನ್ನು ಕ್ಲಿಕ್ ಮಾಡಬೇಡಿ ಮತ್ತು ಅಪರಿಚಿತ ಆ್ಯಪ್‌ಗಳನ್ನು ಡೌನ್‌ಲೋಡ್ ಮಾಡಬೇಡಿ. ನಿಮ್ಮ ಪಾಸ್‌ವರ್ಡ್‌ಗಳನ್ನು ನಿಯಮಿತವಾಗಿ ಬದಲಾಯಿಸಿ ಮತ್ತು ಎರಡು ಹಂತದ ದೃಢೀಕರಣ ಬಳಸಿ. ಸೈಬರ್ ವಂಚನೆಗೆ ಒಳಗಾದರೆ ತಕ್ಷಣ 1930 ಸಹಾಯವಾಣಿಗೆ ಕರೆ ಮಾಡಿ ಅಥವಾ ರಾಷ್ಟ್ರೀಯ ಸೈಬರ್ ಅಪರಾಧ ವರದಿ ಪೋರ್ಟಲ್‌ನಲ್ಲಿ ದೂರು ದಾಖಲಿಸಿ. ಬ್ಯಾಂಕ್‌ಗಳು ಎಂದಿಗೂ ಒಟಿಪಿ ಅಥವಾ ಪಿನ್ ಕೇಳುವುದಿಲ್ಲ. ಸಾಮಾಜಿಕ ಜಾಲತಾಣಗಳಲ್ಲಿ ವೈಯಕ್ತಿಕ ಮಾಹಿತಿಯನ್ನು ಹಂಚಿಕೊಳ್ಳುವಾಗ ಎಚ್ಚರಿಕೆ ವಹಿಸಿ. ಆನ್‌ಲೈನ್ ಖರೀದಿ ಮಾಡುವಾಗ ವಿಶ್ವಾಸಾರ್ಹ ವೆಬ್‌ಸೈಟ್‌ಗಳನ್ನು ಮಾತ್ರ ಬಳಸಿ. ಸೈಬರ್ ಸುರಕ್ಷತೆ ಎಲ್ಲರ ಜವಾಬ್ದಾರಿಯಾಗಿದ್ದು, ಕುಟುಂಬದ ಹಿರಿಯರಿಗೂ ಈ ಬಗ್ಗೆ ಅರಿವು ಮೂಡಿಸಿ. 2013 ರ ಸೈಬರ್ ಭದ್ರತಾ ನೀತಿಯ ಪ್ರಕಾರ ನಾಗರಿಕರ ಡೇಟಾ ರಕ್ಷಣೆ ಅತ್ಯಗತ್ಯವಾಗಿದೆ. 1990 ರ ದಶಕದಿಂದ ಇಂಟರ್ನೆಟ್ ಬಳಕೆ ಹೆಚ್ಚಾದಂತೆ ಸೈಬರ್ ಅಪರಾಧಗಳು ಸಹ ಹೆಚ್ಚಾಗಿವೆ. ಜಾಗೃತರಾಗಿರಿ, ಸುರಕ್ಷಿತವಾಗಿರಿ.
